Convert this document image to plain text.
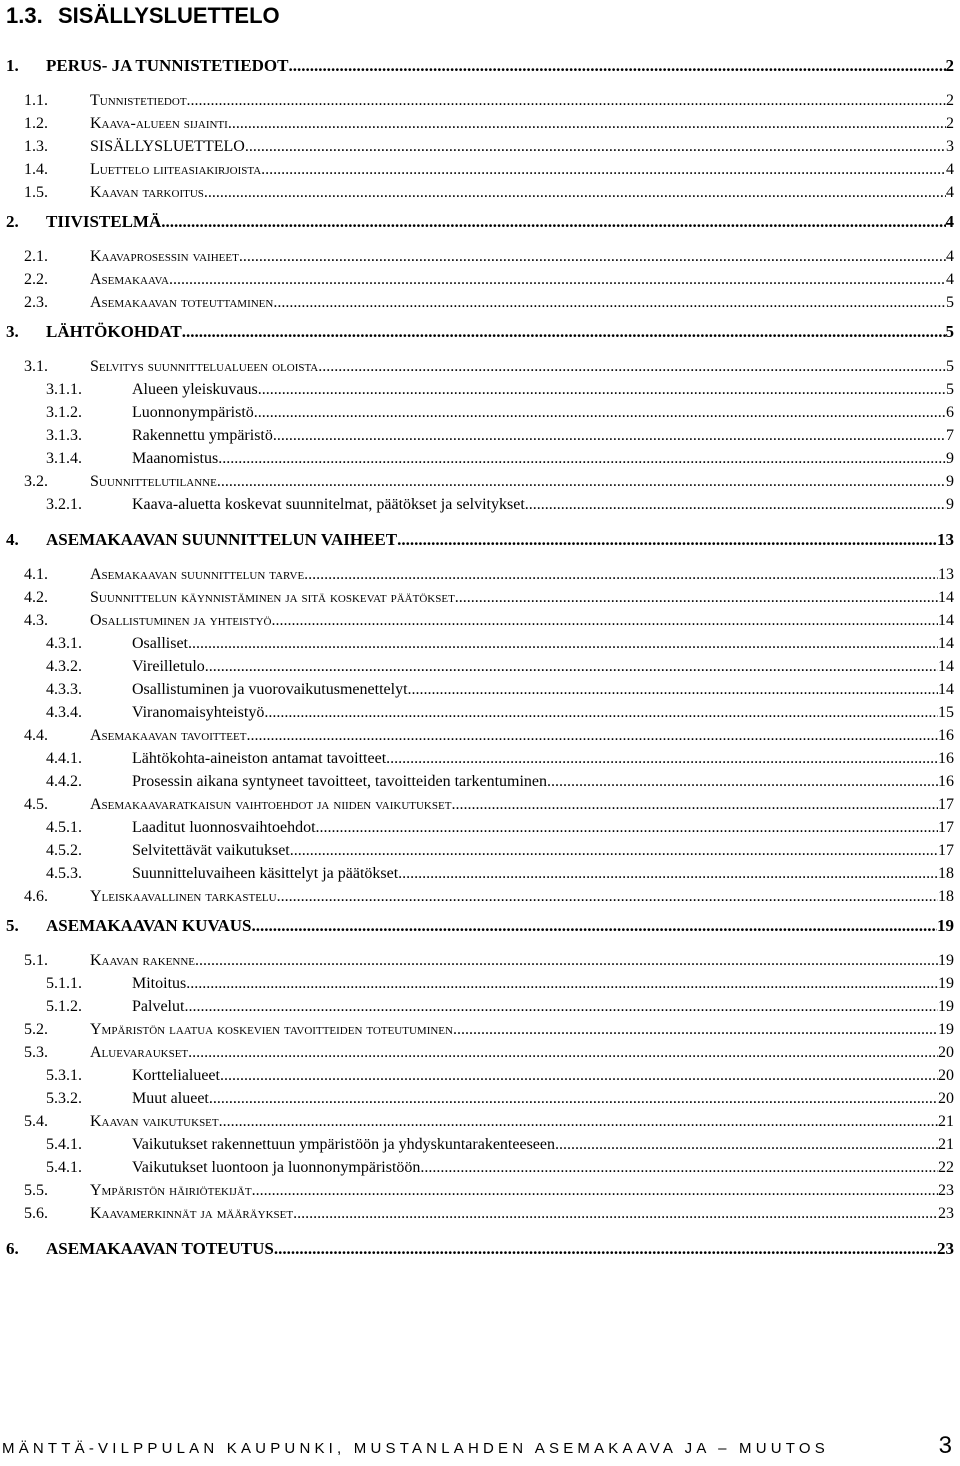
1.3. SISÄLLYSLUETTELO
1.	PERUS- JA TUNNISTETIEDOT .....	2
1.1.	Tunnistetiedot .....	2
1.2.	Kaava-alueen sijainti .....	2
1.3.	SISÄLLYSLUETTELO .....	3
1.4.	Luettelo liiteasiakirjoista .....	4
1.5.	Kaavan tarkoitus .....	4
2.	TIIVISTELMÄ .....	4
2.1.	Kaavaprosessin vaiheet .....	4
2.2.	Asemakaava .....	4
2.3.	Asemakaavan toteuttaminen .....	5
3.	LÄHTÖKOHDAT .....	5
3.1.	Selvitys suunnittelualueen oloista .....	5
3.1.1.	Alueen yleiskuvaus .....	5
3.1.2.	Luonnonympäristö .....	6
3.1.3.	Rakennettu ympäristö .....	7
3.1.4.	Maanomistus .....	9
3.2.	Suunnittelutilanne .....	9
3.2.1.	Kaava-aluetta koskevat suunnitelmat, päätökset ja selvitykset .....	9
4.	ASEMAKAAVAN SUUNNITTELUN VAIHEET .....	13
4.1.	Asemakaavan suunnittelun tarve .....	13
4.2.	Suunnittelun käynnistäminen ja sitä koskevat päätökset .....	14
4.3.	Osallistuminen ja yhteistyö .....	14
4.3.1.	Osalliset .....	14
4.3.2.	Vireilletulo .....	14
4.3.3.	Osallistuminen ja vuorovaikutusmenettelyt .....	14
4.3.4.	Viranomaisyhteistyö .....	15
4.4.	Asemakaavan tavoitteet .....	16
4.4.1.	Lähtökohta-aineiston antamat tavoitteet .....	16
4.4.2.	Prosessin aikana syntyneet tavoitteet, tavoitteiden tarkentuminen .....	16
4.5.	Asemakaavaratkaisun vaihtoehdot ja niiden vaikutukset .....	17
4.5.1.	Laaditut luonnosvaihtoehdot .....	17
4.5.2.	Selvitettävät vaikutukset .....	17
4.5.3.	Suunnitteluvaiheen käsittelyt ja päätökset .....	18
4.6.	Yleiskaavallinen tarkastelu .....	18
5.	ASEMAKAAVAN KUVAUS .....	19
5.1.	Kaavan rakenne .....	19
5.1.1.	Mitoitus .....	19
5.1.2.	Palvelut .....	19
5.2.	Ympäristön laatua koskevien tavoitteiden toteutuminen .....	19
5.3.	Aluevaraukset .....	20
5.3.1.	Korttelialueet .....	20
5.3.2.	Muut alueet .....	20
5.4.	Kaavan vaikutukset .....	21
5.4.1.	Vaikutukset rakennettuun ympäristöön ja yhdyskuntarakenteeseen .....	21
5.4.1.	Vaikutukset luontoon ja luonnonympäristöön .....	22
5.5.	Ympäristön häiriötekijät .....	23
5.6.	Kaavamerkinnät ja määräykset .....	23
6.	ASEMAKAAVAN TOTEUTUS .....	23
MÄNTTÄ-VILPPULAN KAUPUNKI, MUSTANLAHDEN ASEMAKAAVA JA – MUUTOS	3
